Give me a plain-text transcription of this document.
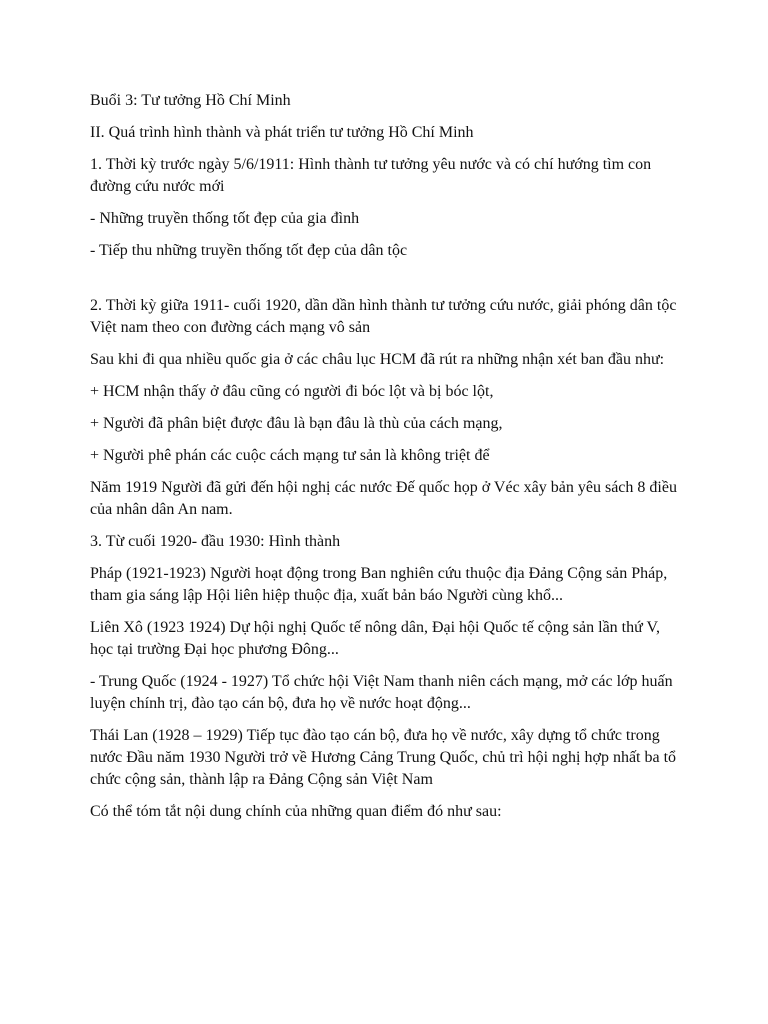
Buổi 3: Tư tưởng Hồ Chí Minh

II. Quá trình hình thành và phát triển tư tưởng Hồ Chí Minh

1. Thời kỳ trước ngày 5/6/1911: Hình thành tư tưởng yêu nước và có chí hướng tìm con đường cứu nước mới

- Những truyền thống tốt đẹp của gia đình

- Tiếp thu những truyền thống tốt đẹp của dân tộc

2. Thời kỳ giữa 1911- cuối 1920, dần dần hình thành tư tưởng cứu nước, giải phóng dân tộc Việt nam theo con đường cách mạng vô sản

Sau khi đi qua nhiều quốc gia ở các châu lục HCM đã rút ra những nhận xét ban đầu như:

+ HCM nhận thấy ở đâu cũng có người đi bóc lột và bị bóc lột,

+ Người đã phân biệt được đâu là bạn đâu là thù của cách mạng,

+ Người phê phán các cuộc cách mạng tư sản là không triệt để

Năm 1919 Người đã gửi đến hội nghị các nước Đế quốc họp ở Véc xây bản yêu sách 8 điều của nhân dân An nam.

3. Từ cuối 1920- đầu 1930: Hình thành

Pháp (1921-1923) Người hoạt động trong Ban nghiên cứu thuộc địa Đảng Cộng sản Pháp, tham gia sáng lập Hội liên hiệp thuộc địa, xuất bản báo Người cùng khổ...

Liên Xô (1923 1924) Dự hội nghị Quốc tế nông dân, Đại hội Quốc tế cộng sản lần thứ V, học tại trường Đại học phương Đông...

- Trung Quốc (1924 - 1927) Tổ chức hội Việt Nam thanh niên cách mạng, mở các lớp huấn luyện chính trị, đào tạo cán bộ, đưa họ về nước hoạt động...

Thái Lan (1928 – 1929) Tiếp tục đào tạo cán bộ, đưa họ về nước, xây dựng tổ chức trong nước Đầu năm 1930 Người trở về Hương Cảng Trung Quốc, chủ trì hội nghị hợp nhất ba tổ chức cộng sản, thành lập ra Đảng Cộng sản Việt Nam

Có thể tóm tắt nội dung chính của những quan điểm đó như sau:
